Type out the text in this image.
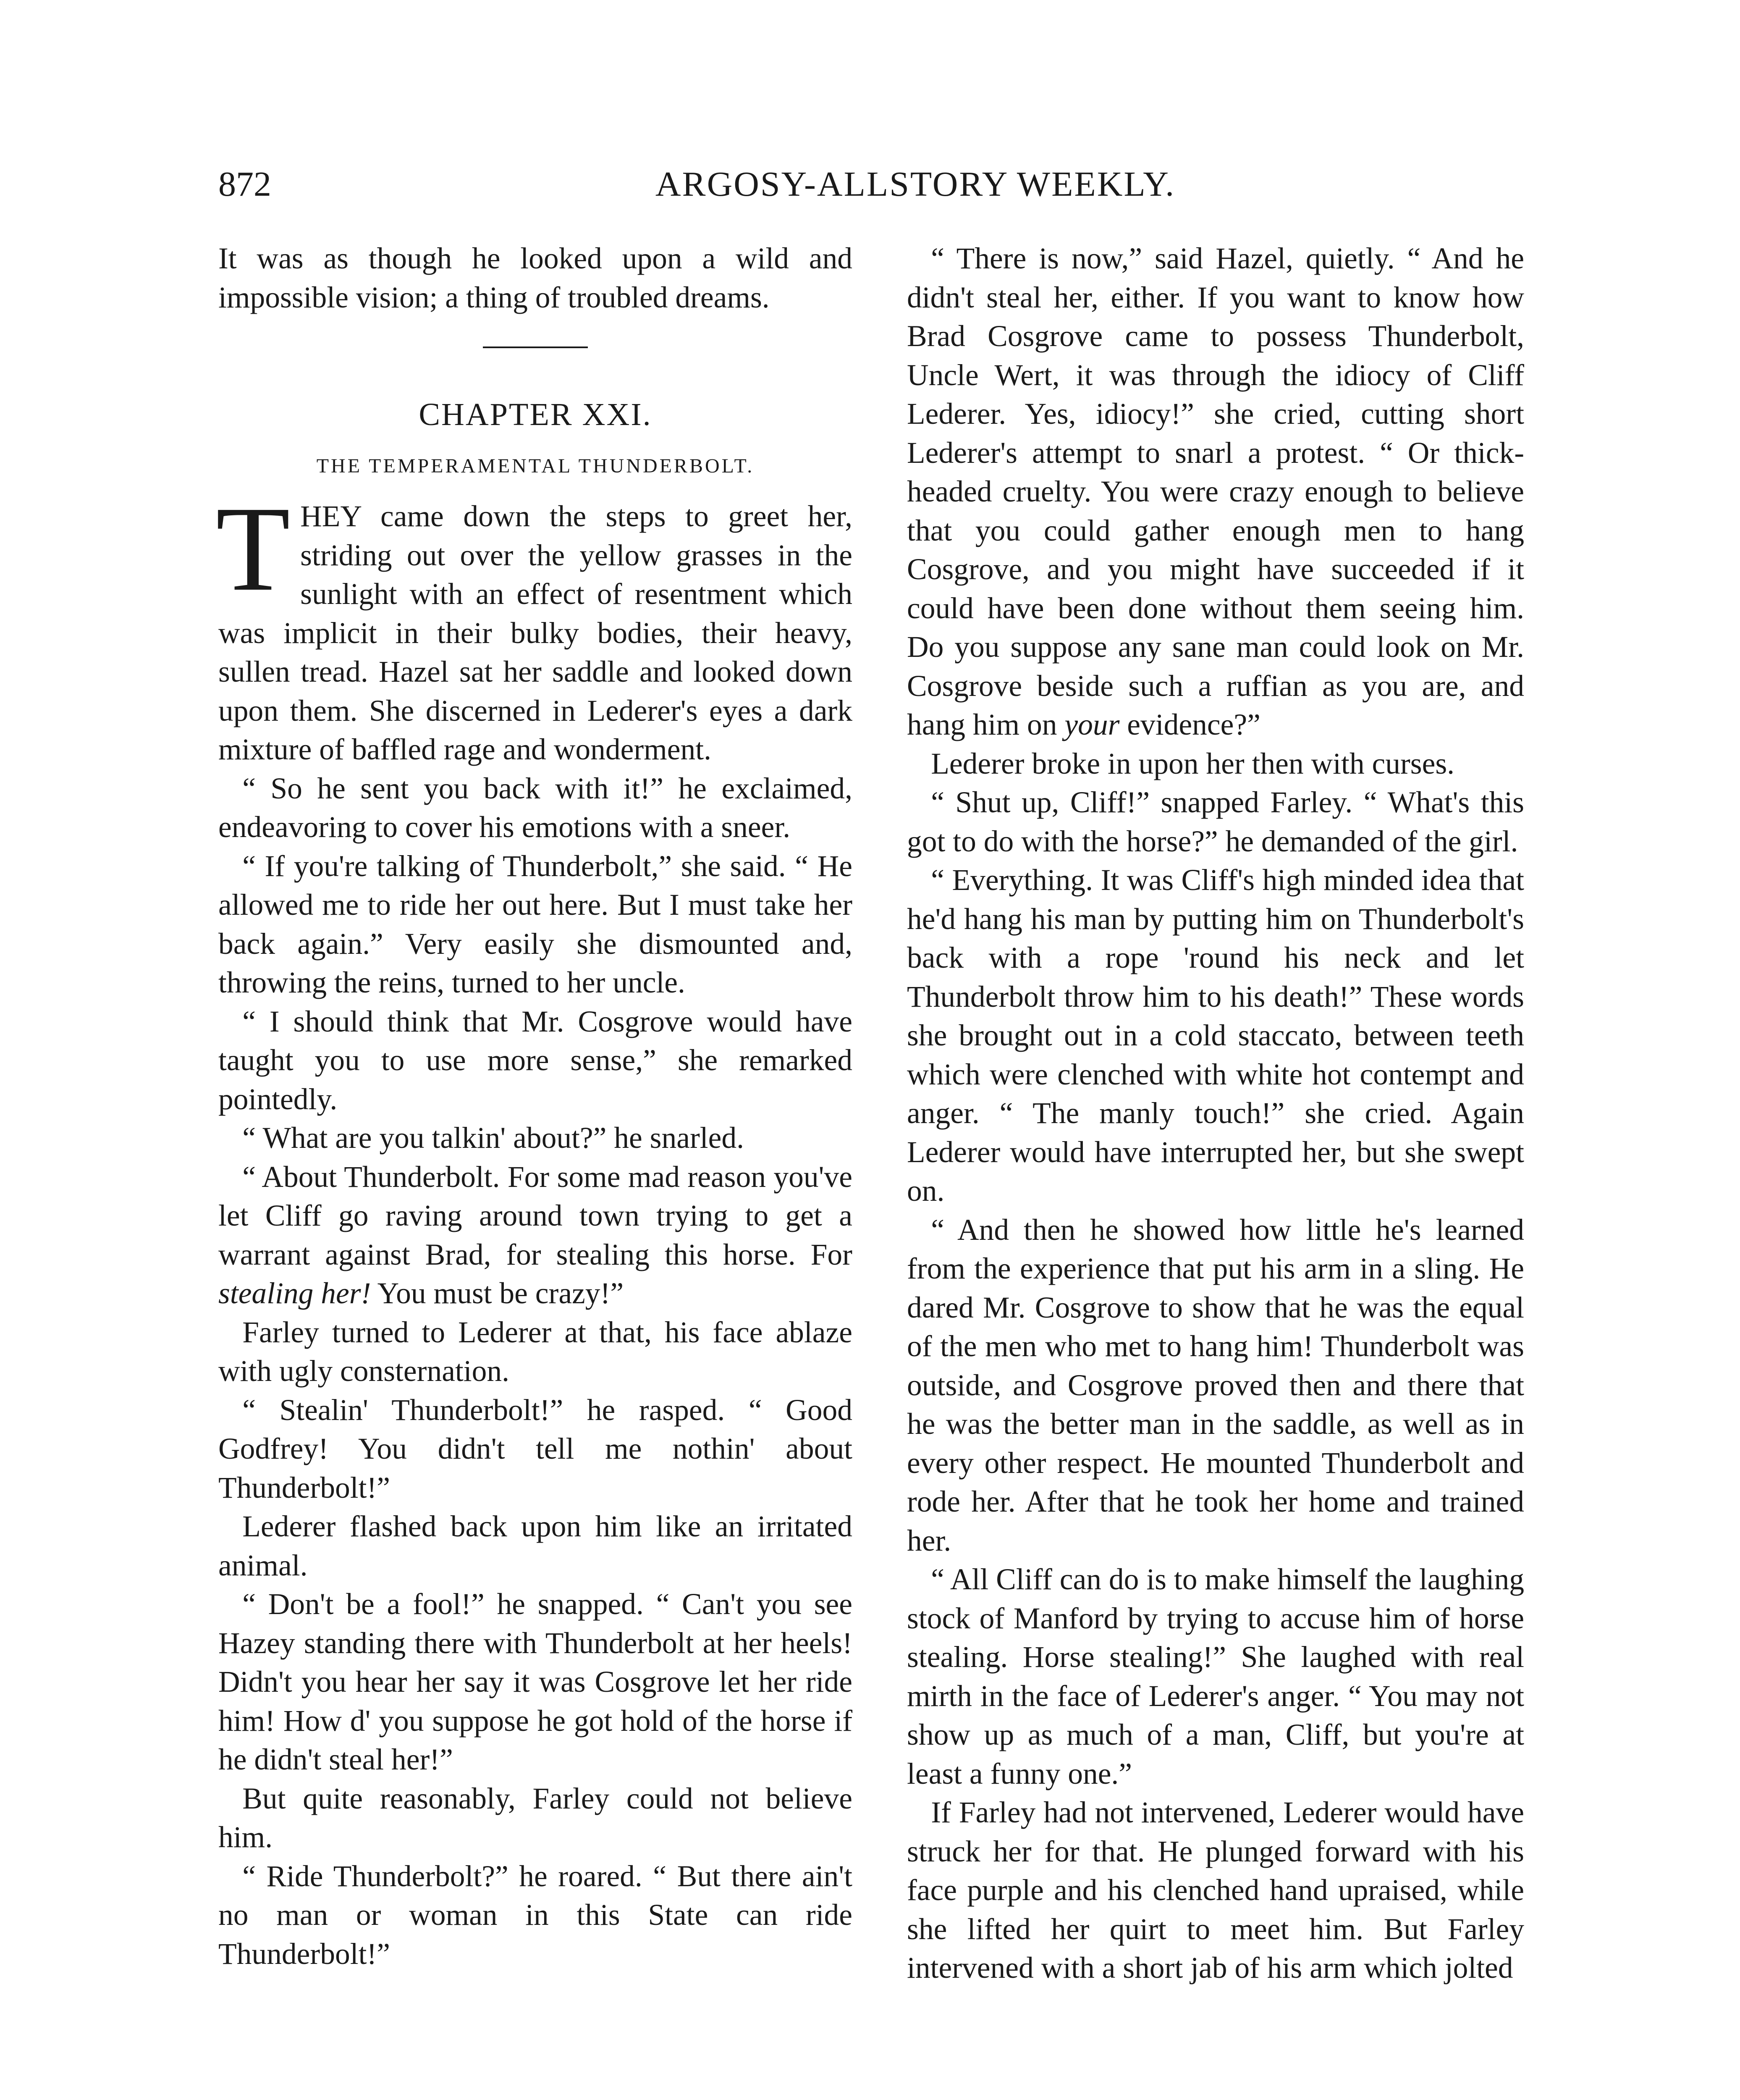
872	ARGOSY-ALLSTORY WEEKLY.

It was as though he looked upon a wild and impossible vision; a thing of troubled dreams.

CHAPTER XXI.
THE TEMPERAMENTAL THUNDERBOLT.

THEY came down the steps to greet her, striding out over the yellow grasses in the sunlight with an effect of resentment which was implicit in their bulky bodies, their heavy, sullen tread. Hazel sat her saddle and looked down upon them. She discerned in Lederer's eyes a dark mixture of baffled rage and wonderment.

“ So he sent you back with it!” he exclaimed, endeavoring to cover his emotions with a sneer.

“ If you're talking of Thunderbolt,” she said. “ He allowed me to ride her out here. But I must take her back again.” Very easily she dismounted and, throwing the reins, turned to her uncle.

“ I should think that Mr. Cosgrove would have taught you to use more sense,” she remarked pointedly.

“ What are you talkin' about?” he snarled.

“ About Thunderbolt. For some mad reason you've let Cliff go raving around town trying to get a warrant against Brad, for stealing this horse. For stealing her! You must be crazy!”

Farley turned to Lederer at that, his face ablaze with ugly consternation.

“ Stealin' Thunderbolt!” he rasped. “ Good Godfrey! You didn't tell me nothin' about Thunderbolt!”

Lederer flashed back upon him like an irritated animal.

“ Don't be a fool!” he snapped. “ Can't you see Hazey standing there with Thunderbolt at her heels! Didn't you hear her say it was Cosgrove let her ride him! How d' you suppose he got hold of the horse if he didn't steal her!”

But quite reasonably, Farley could not believe him.

“ Ride Thunderbolt?” he roared. “ But there ain't no man or woman in this State can ride Thunderbolt!”

“ There is now,” said Hazel, quietly. “ And he didn't steal her, either. If you want to know how Brad Cosgrove came to possess Thunderbolt, Uncle Wert, it was through the idiocy of Cliff Lederer. Yes, idiocy!” she cried, cutting short Lederer's attempt to snarl a protest. “ Or thick-headed cruelty. You were crazy enough to believe that you could gather enough men to hang Cosgrove, and you might have succeeded if it could have been done without them seeing him. Do you suppose any sane man could look on Mr. Cosgrove beside such a ruffian as you are, and hang him on your evidence?”

Lederer broke in upon her then with curses.

“ Shut up, Cliff!” snapped Farley. “ What's this got to do with the horse?” he demanded of the girl.

“ Everything. It was Cliff's high minded idea that he'd hang his man by putting him on Thunderbolt's back with a rope 'round his neck and let Thunderbolt throw him to his death!” These words she brought out in a cold staccato, between teeth which were clenched with white hot contempt and anger. “ The manly touch!” she cried. Again Lederer would have interrupted her, but she swept on.

“ And then he showed how little he's learned from the experience that put his arm in a sling. He dared Mr. Cosgrove to show that he was the equal of the men who met to hang him! Thunderbolt was outside, and Cosgrove proved then and there that he was the better man in the saddle, as well as in every other respect. He mounted Thunderbolt and rode her. After that he took her home and trained her.

“ All Cliff can do is to make himself the laughing stock of Manford by trying to accuse him of horse stealing. Horse stealing!” She laughed with real mirth in the face of Lederer's anger. “ You may not show up as much of a man, Cliff, but you're at least a funny one.”

If Farley had not intervened, Lederer would have struck her for that. He plunged forward with his face purple and his clenched hand upraised, while she lifted her quirt to meet him. But Farley intervened with a short jab of his arm which jolted
